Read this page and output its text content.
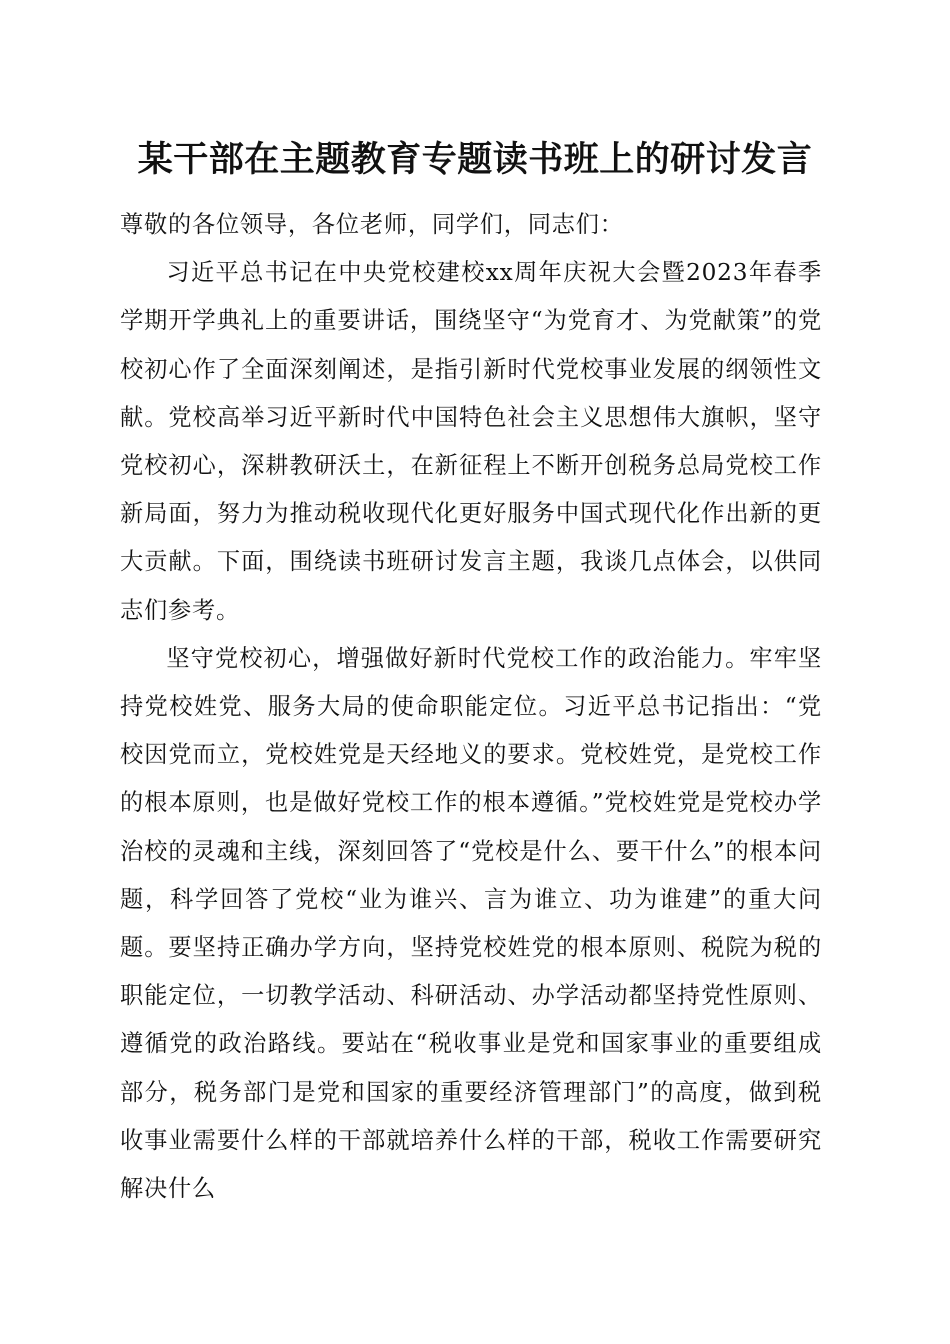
某干部在主题教育专题读书班上的研讨发言

尊敬的各位领导，各位老师，同学们，同志们：

习近平总书记在中央党校建校xx周年庆祝大会暨2023年春季学期开学典礼上的重要讲话，围绕坚守“为党育才、为党献策”的党校初心作了全面深刻阐述，是指引新时代党校事业发展的纲领性文献。党校高举习近平新时代中国特色社会主义思想伟大旗帜，坚守党校初心，深耕教研沃土，在新征程上不断开创税务总局党校工作新局面，努力为推动税收现代化更好服务中国式现代化作出新的更大贡献。下面，围绕读书班研讨发言主题，我谈几点体会，以供同志们参考。

坚守党校初心，增强做好新时代党校工作的政治能力。牢牢坚持党校姓党、服务大局的使命职能定位。习近平总书记指出：“党校因党而立，党校姓党是天经地义的要求。党校姓党，是党校工作的根本原则，也是做好党校工作的根本遵循。”党校姓党是党校办学治校的灵魂和主线，深刻回答了“党校是什么、要干什么”的根本问题，科学回答了党校“业为谁兴、言为谁立、功为谁建”的重大问题。要坚持正确办学方向，坚持党校姓党的根本原则、税院为税的职能定位，一切教学活动、科研活动、办学活动都坚持党性原则、遵循党的政治路线。要站在“税收事业是党和国家事业的重要组成部分，税务部门是党和国家的重要经济管理部门”的高度，做到税收事业需要什么样的干部就培养什么样的干部，税收工作需要研究解决什么
